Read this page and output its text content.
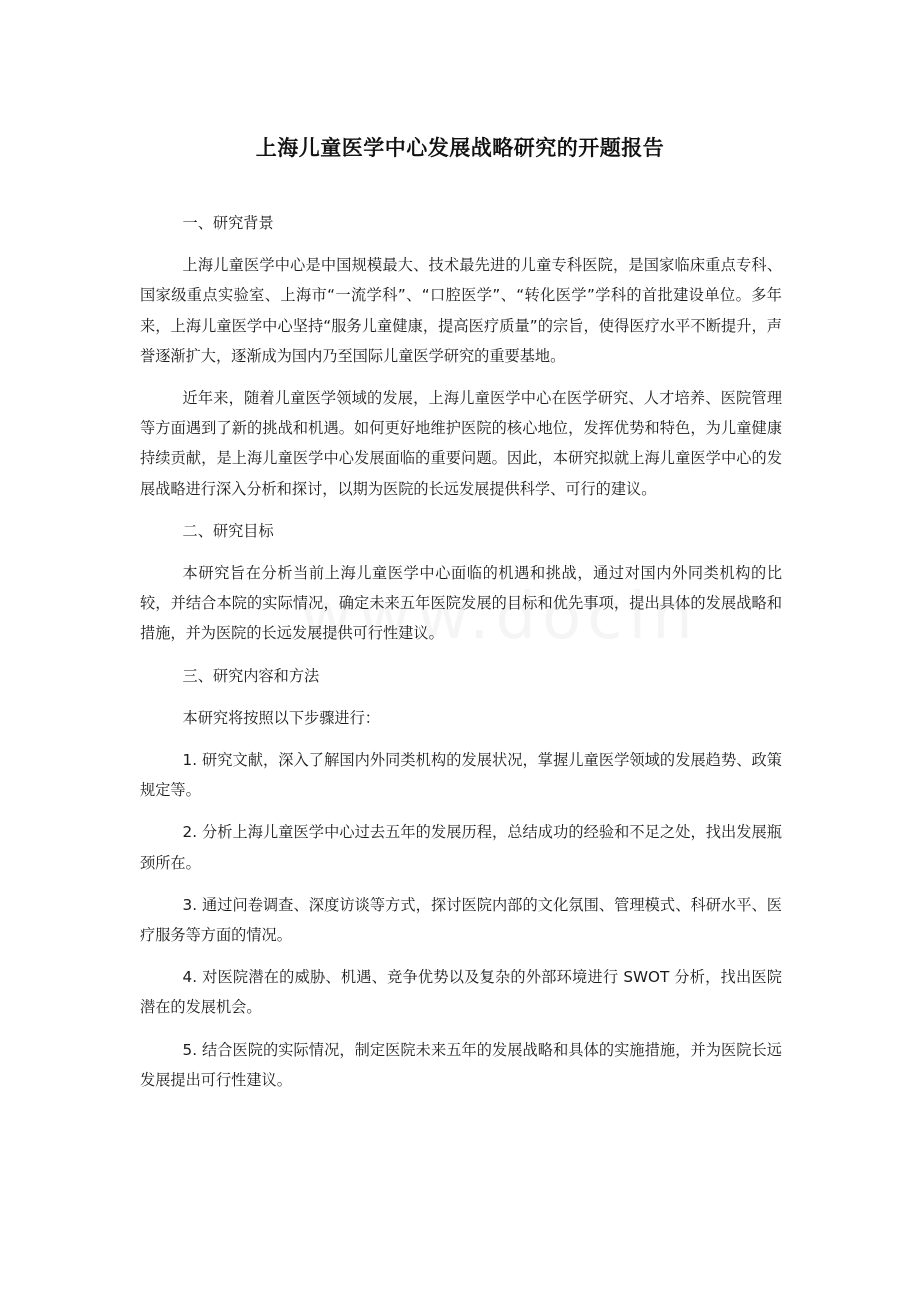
上海儿童医学中心发展战略研究的开题报告

一、研究背景

上海儿童医学中心是中国规模最大、技术最先进的儿童专科医院，是国家临床重点专科、国家级重点实验室、上海市“一流学科”、“口腔医学”、“转化医学”学科的首批建设单位。多年来，上海儿童医学中心坚持“服务儿童健康，提高医疗质量”的宗旨，使得医疗水平不断提升，声誉逐渐扩大，逐渐成为国内乃至国际儿童医学研究的重要基地。

近年来，随着儿童医学领域的发展，上海儿童医学中心在医学研究、人才培养、医院管理等方面遇到了新的挑战和机遇。如何更好地维护医院的核心地位，发挥优势和特色，为儿童健康持续贡献，是上海儿童医学中心发展面临的重要问题。因此，本研究拟就上海儿童医学中心的发展战略进行深入分析和探讨，以期为医院的长远发展提供科学、可行的建议。

二、研究目标

本研究旨在分析当前上海儿童医学中心面临的机遇和挑战，通过对国内外同类机构的比较，并结合本院的实际情况，确定未来五年医院发展的目标和优先事项，提出具体的发展战略和措施，并为医院的长远发展提供可行性建议。

三、研究内容和方法

本研究将按照以下步骤进行：

1. 研究文献，深入了解国内外同类机构的发展状况，掌握儿童医学领域的发展趋势、政策规定等。

2. 分析上海儿童医学中心过去五年的发展历程，总结成功的经验和不足之处，找出发展瓶颈所在。

3. 通过问卷调查、深度访谈等方式，探讨医院内部的文化氛围、管理模式、科研水平、医疗服务等方面的情况。

4. 对医院潜在的威胁、机遇、竞争优势以及复杂的外部环境进行 SWOT 分析，找出医院潜在的发展机会。

5. 结合医院的实际情况，制定医院未来五年的发展战略和具体的实施措施，并为医院长远发展提出可行性建议。
